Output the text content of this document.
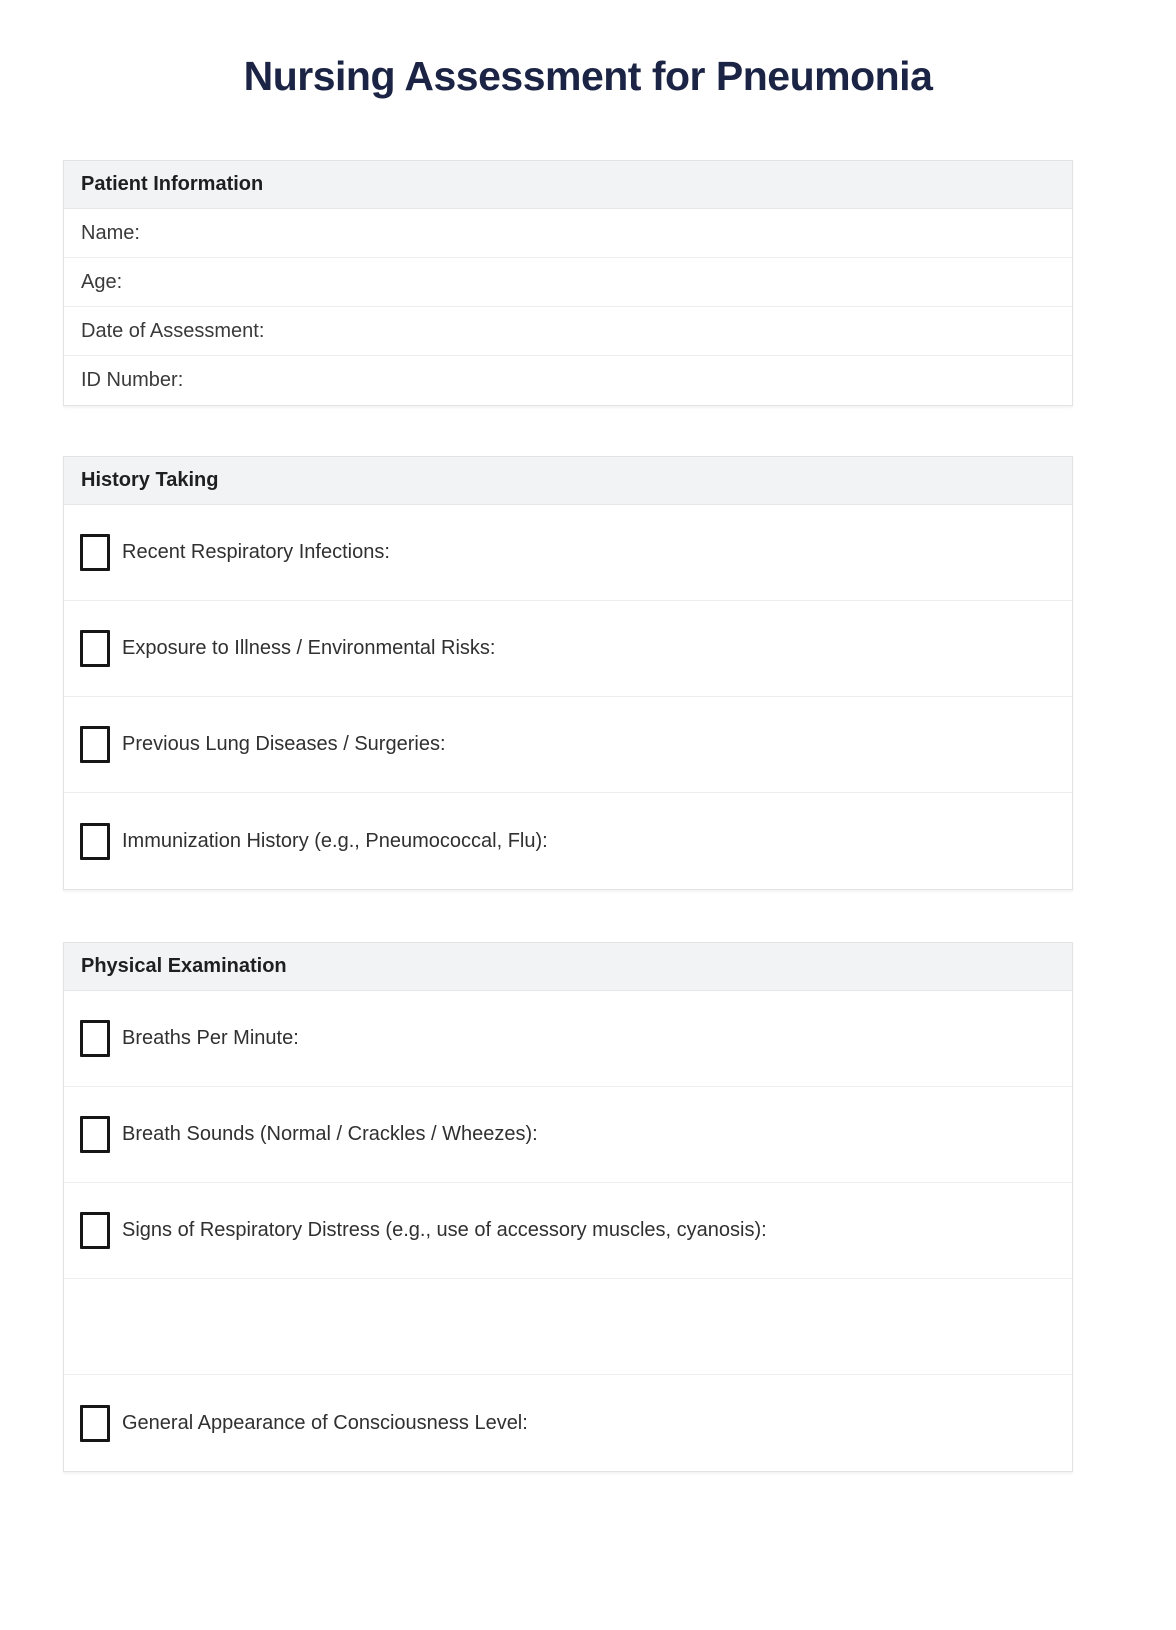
Nursing Assessment for Pneumonia
Patient Information
Name:
Age:
Date of Assessment:
ID Number:
History Taking
Recent Respiratory Infections:
Exposure to Illness / Environmental Risks:
Previous Lung Diseases / Surgeries:
Immunization History (e.g., Pneumococcal, Flu):
Physical Examination
Breaths Per Minute:
Breath Sounds (Normal / Crackles / Wheezes):
Signs of Respiratory Distress (e.g., use of accessory muscles, cyanosis):
General Appearance of Consciousness Level:
